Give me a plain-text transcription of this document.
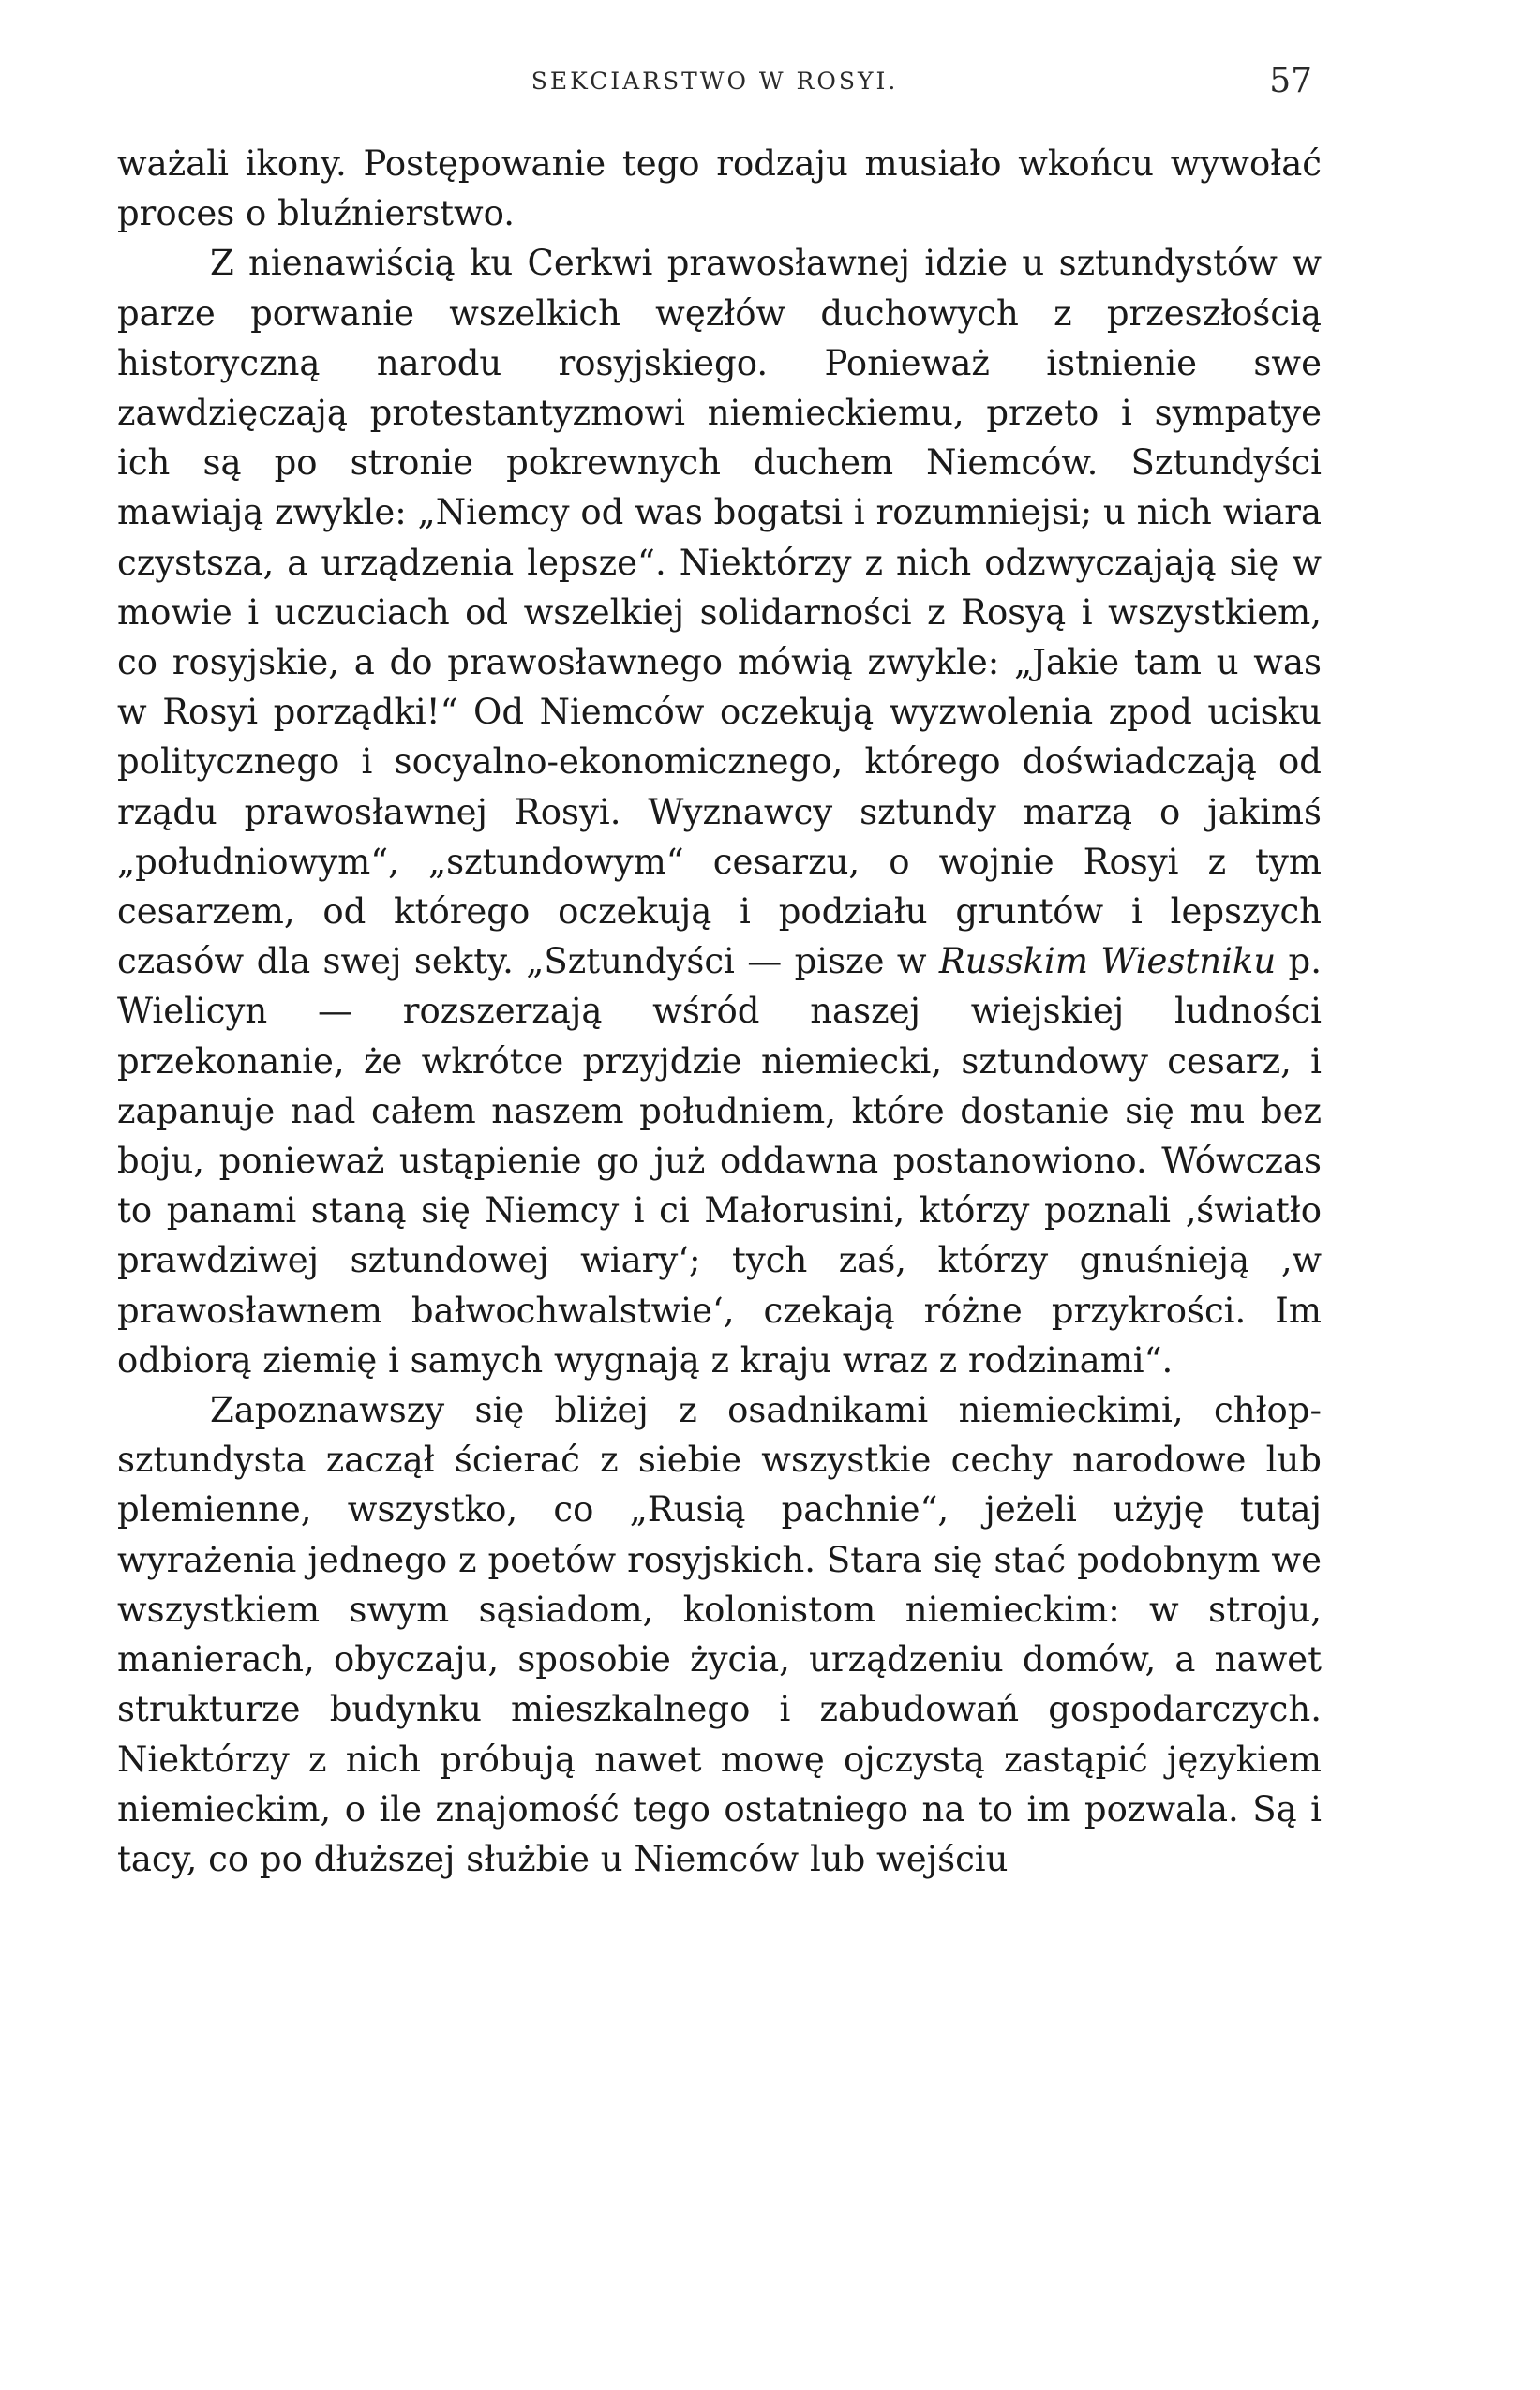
SEKCIARSTWO W ROSYI.	57

ważali ikony. Postępowanie tego rodzaju musiało wkońcu wywołać proces o bluźnierstwo.

Z nienawiścią ku Cerkwi prawosławnej idzie u sztundystów w parze porwanie wszelkich węzłów duchowych z przeszłością historyczną narodu rosyjskiego. Ponieważ istnienie swe zawdzięczają protestantyzmowi niemieckiemu, przeto i sympatye ich są po stronie pokrewnych duchem Niemców. Sztundyści mawiają zwykle: „Niemcy od was bogatsi i rozumniejsi; u nich wiara czystsza, a urządzenia lepsze“. Niektórzy z nich odzwyczajają się w mowie i uczuciach od wszelkiej solidarności z Rosyą i wszystkiem, co rosyjskie, a do prawosławnego mówią zwykle: „Jakie tam u was w Rosyi porządki!“ Od Niemców oczekują wyzwolenia zpod ucisku politycznego i socyalno-ekonomicznego, którego doświadczają od rządu prawosławnej Rosyi. Wyznawcy sztundy marzą o jakimś „południowym“, „sztundowym“ cesarzu, o wojnie Rosyi z tym cesarzem, od którego oczekują i podziału gruntów i lepszych czasów dla swej sekty. „Sztundyści — pisze w Russkim Wiestniku p. Wielicyn — rozszerzają wśród naszej wiejskiej ludności przekonanie, że wkrótce przyjdzie niemiecki, sztundowy cesarz, i zapanuje nad całem naszem południem, które dostanie się mu bez boju, ponieważ ustąpienie go już oddawna postanowiono. Wówczas to panami staną się Niemcy i ci Małorusini, którzy poznali ‚światło prawdziwej sztundowej wiary‘; tych zaś, którzy gnuśnieją ‚w prawosławnem bałwochwalstwie‘, czekają różne przykrości. Im odbiorą ziemię i samych wygnają z kraju wraz z rodzinami“.

Zapoznawszy się bliżej z osadnikami niemieckimi, chłop-sztundysta zaczął ścierać z siebie wszystkie cechy narodowe lub plemienne, wszystko, co „Rusią pachnie“, jeżeli użyję tutaj wyrażenia jednego z poetów rosyjskich. Stara się stać podobnym we wszystkiem swym sąsiadom, kolonistom niemieckim: w stroju, manierach, obyczaju, sposobie życia, urządzeniu domów, a nawet strukturze budynku mieszkalnego i zabudowań gospodarczych. Niektórzy z nich próbują nawet mowę ojczystą zastąpić językiem niemieckim, o ile znajomość tego ostatniego na to im pozwala. Są i tacy, co po dłuższej służbie u Niemców lub wejściu
